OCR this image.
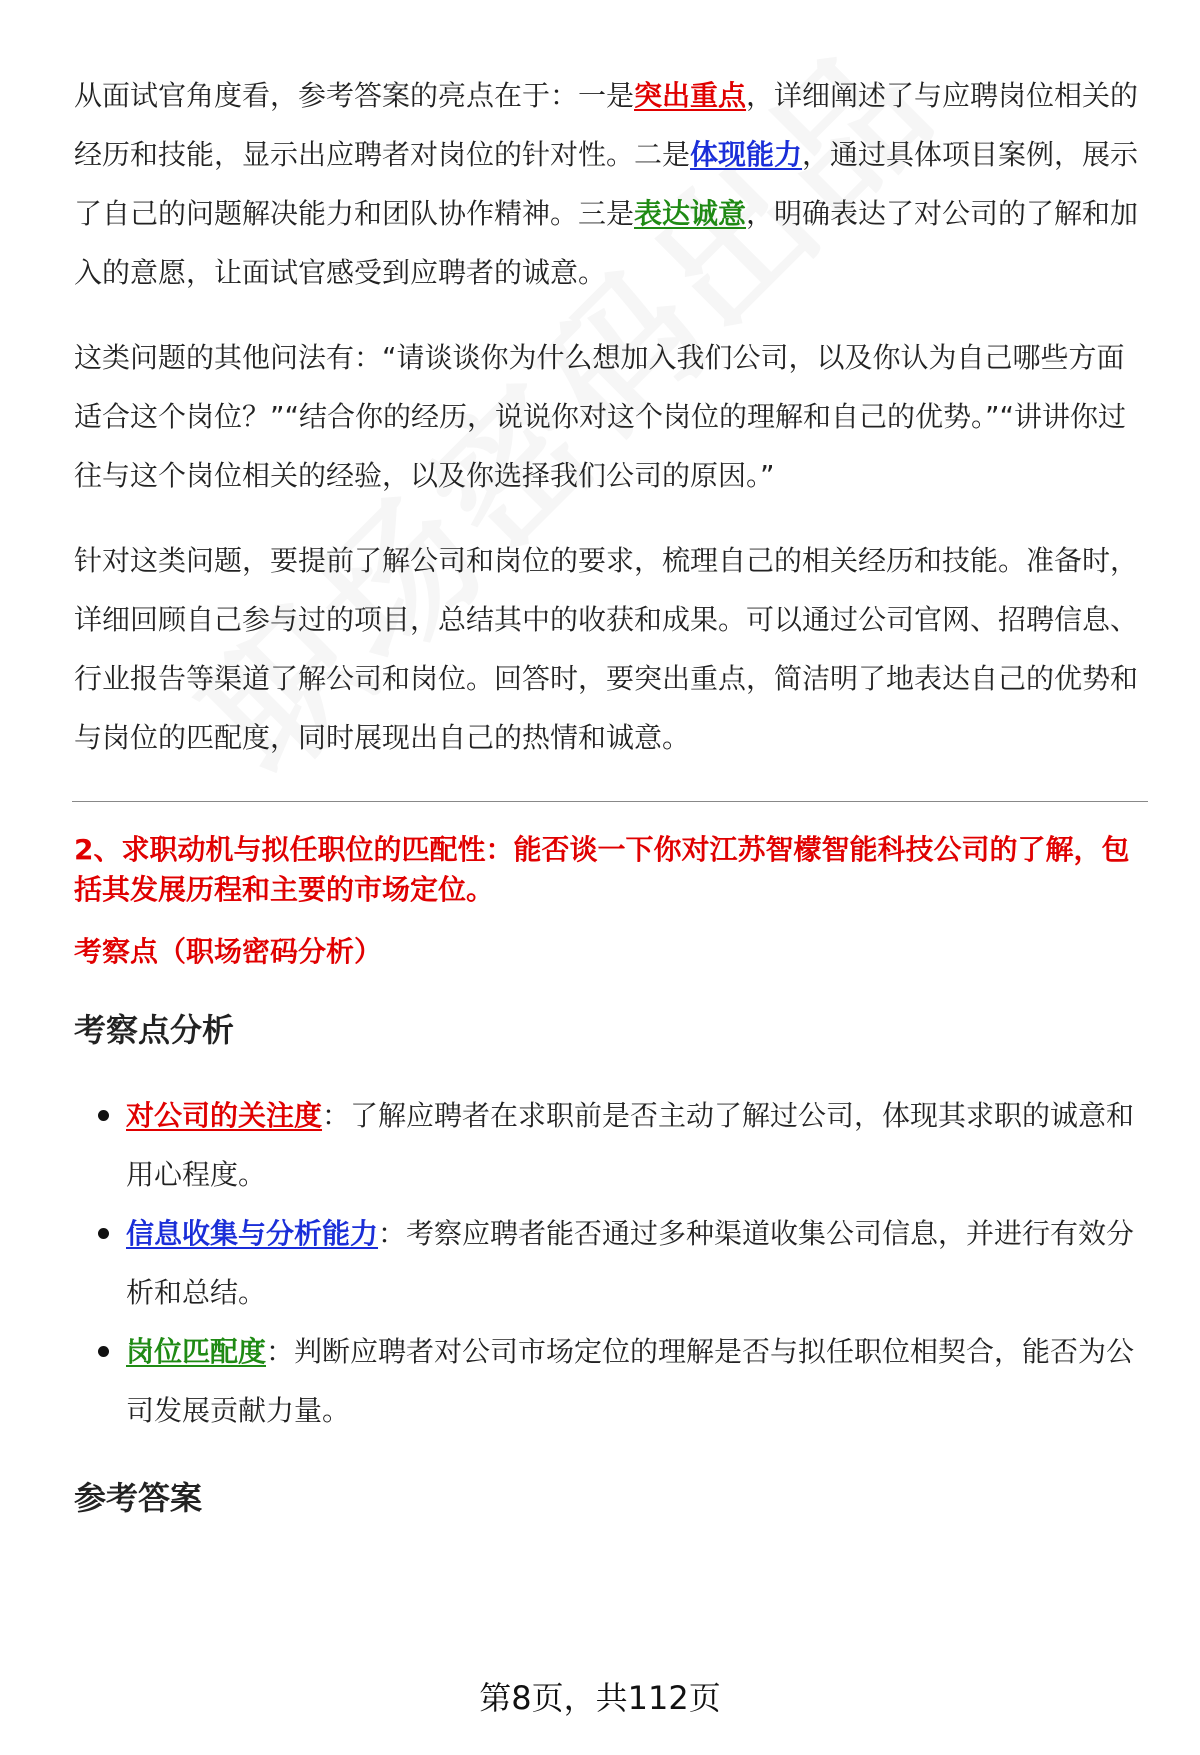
从面试官角度看，参考答案的亮点在于：一是突出重点，详细阐述了与应聘岗位相关的经历和技能，显示出应聘者对岗位的针对性。二是体现能力，通过具体项目案例，展示了自己的问题解决能力和团队协作精神。三是表达诚意，明确表达了对公司的了解和加入的意愿，让面试官感受到应聘者的诚意。

这类问题的其他问法有：“请谈谈你为什么想加入我们公司，以及你认为自己哪些方面适合这个岗位？”“结合你的经历，说说你对这个岗位的理解和自己的优势。”“讲讲你过往与这个岗位相关的经验，以及你选择我们公司的原因。”

针对这类问题，要提前了解公司和岗位的要求，梳理自己的相关经历和技能。准备时，详细回顾自己参与过的项目，总结其中的收获和成果。可以通过公司官网、招聘信息、行业报告等渠道了解公司和岗位。回答时，要突出重点，简洁明了地表达自己的优势和与岗位的匹配度，同时展现出自己的热情和诚意。

2、求职动机与拟任职位的匹配性：能否谈一下你对江苏智檬智能科技公司的了解，包括其发展历程和主要的市场定位。
考察点（职场密码分析）
考察点分析
对公司的关注度：了解应聘者在求职前是否主动了解过公司，体现其求职的诚意和用心程度。
信息收集与分析能力：考察应聘者能否通过多种渠道收集公司信息，并进行有效分析和总结。
岗位匹配度：判断应聘者对公司市场定位的理解是否与拟任职位相契合，能否为公司发展贡献力量。
参考答案
第8页，共112页
